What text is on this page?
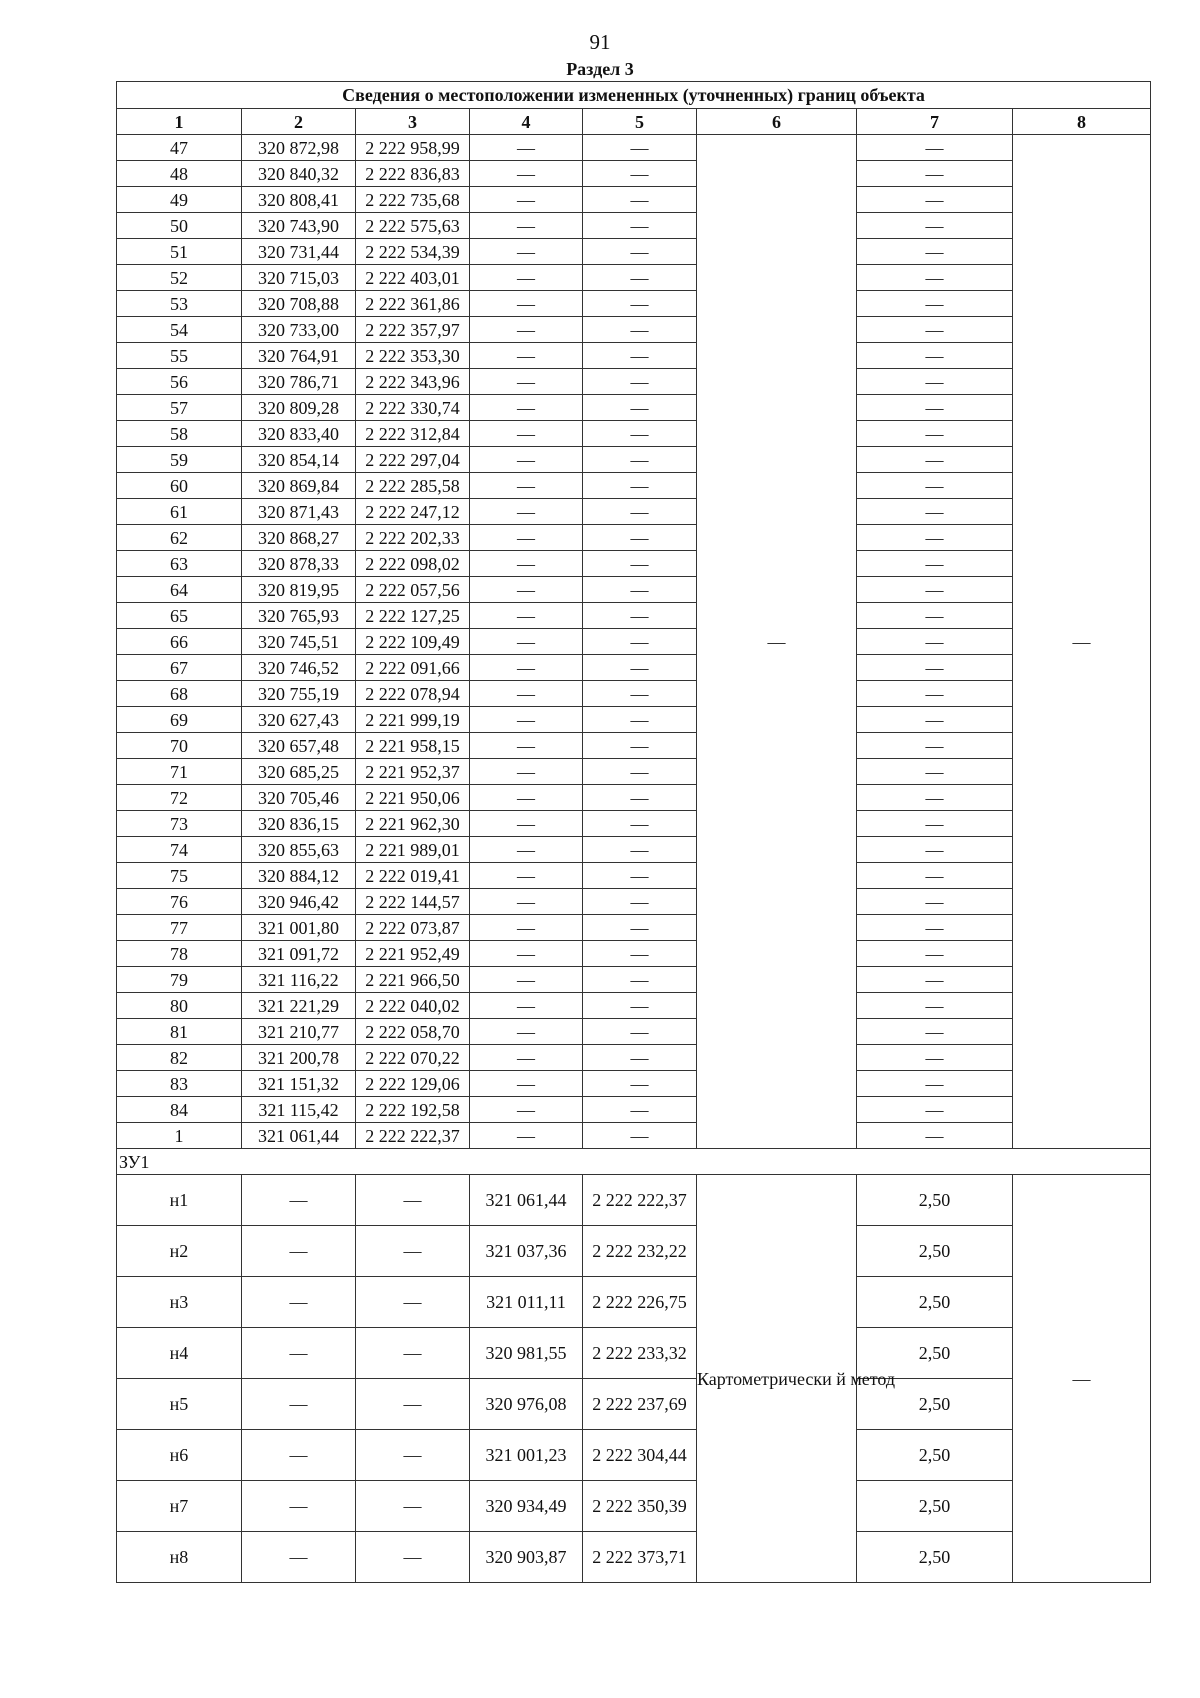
91
Раздел 3
Сведения о местоположении измененных (уточненных) границ объекта							
1	2	3	4	5	6	7	8
47	320 872,98	2 222 958,99	—	—	—	—	—
48	320 840,32	2 222 836,83	—	—		—	
49	320 808,41	2 222 735,68	—	—		—	
50	320 743,90	2 222 575,63	—	—		—	
51	320 731,44	2 222 534,39	—	—		—	
52	320 715,03	2 222 403,01	—	—		—	
53	320 708,88	2 222 361,86	—	—		—	
54	320 733,00	2 222 357,97	—	—		—	
55	320 764,91	2 222 353,30	—	—		—	
56	320 786,71	2 222 343,96	—	—		—	
57	320 809,28	2 222 330,74	—	—		—	
58	320 833,40	2 222 312,84	—	—		—	
59	320 854,14	2 222 297,04	—	—		—	
60	320 869,84	2 222 285,58	—	—		—	
61	320 871,43	2 222 247,12	—	—		—	
62	320 868,27	2 222 202,33	—	—		—	
63	320 878,33	2 222 098,02	—	—		—	
64	320 819,95	2 222 057,56	—	—		—	
65	320 765,93	2 222 127,25	—	—		—	
66	320 745,51	2 222 109,49	—	—		—	
67	320 746,52	2 222 091,66	—	—		—	
68	320 755,19	2 222 078,94	—	—		—	
69	320 627,43	2 221 999,19	—	—		—	
70	320 657,48	2 221 958,15	—	—		—	
71	320 685,25	2 221 952,37	—	—		—	
72	320 705,46	2 221 950,06	—	—		—	
73	320 836,15	2 221 962,30	—	—		—	
74	320 855,63	2 221 989,01	—	—		—	
75	320 884,12	2 222 019,41	—	—		—	
76	320 946,42	2 222 144,57	—	—		—	
77	321 001,80	2 222 073,87	—	—		—	
78	321 091,72	2 221 952,49	—	—		—	
79	321 116,22	2 221 966,50	—	—		—	
80	321 221,29	2 222 040,02	—	—		—	
81	321 210,77	2 222 058,70	—	—		—	
82	321 200,78	2 222 070,22	—	—		—	
83	321 151,32	2 222 129,06	—	—		—	
84	321 115,42	2 222 192,58	—	—		—	
1	321 061,44	2 222 222,37	—	—		—	
ЗУ1							
н1	—	—	321 061,44	2 222 222,37	Картометрически й метод	2,50	—
н2	—	—	321 037,36	2 222 232,22		2,50	
н3	—	—	321 011,11	2 222 226,75		2,50	
н4	—	—	320 981,55	2 222 233,32		2,50	
н5	—	—	320 976,08	2 222 237,69		2,50	
н6	—	—	321 001,23	2 222 304,44		2,50	
н7	—	—	320 934,49	2 222 350,39		2,50	
н8	—	—	320 903,87	2 222 373,71		2,50	
